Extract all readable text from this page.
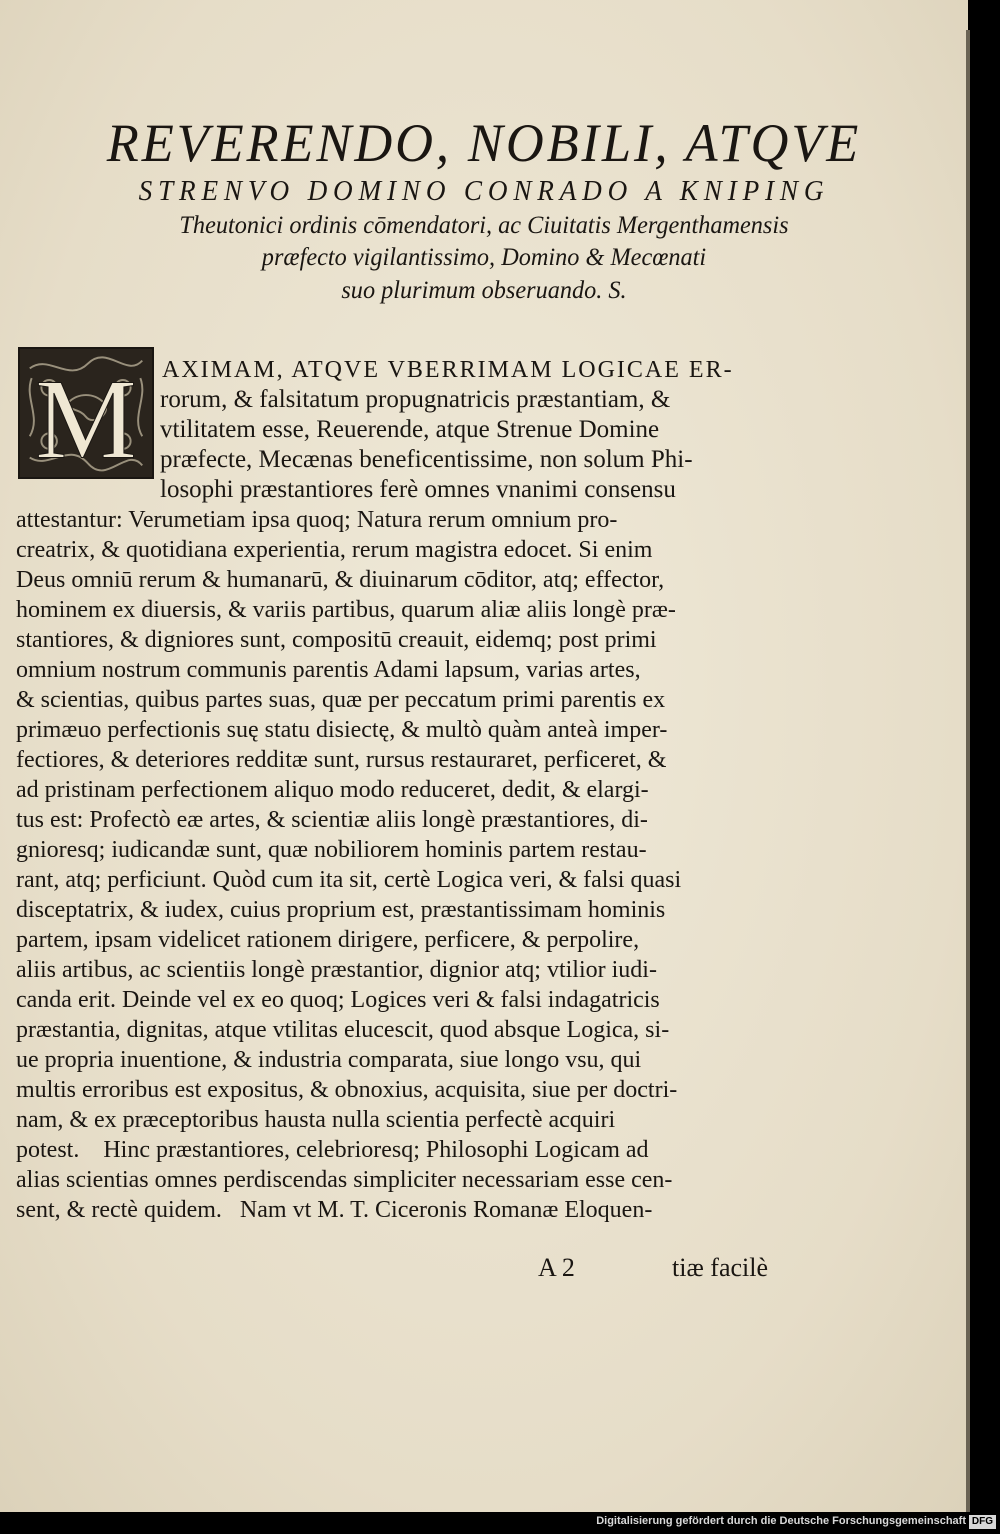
REVERENDO, NOBILI, ATQVE
STRENVO DOMINO CONRADO A KNIPING
Theutonici ordinis cōmendatori, ac Ciuitatis Mergenthamensis
præfecto vigilantissimo, Domino & Mecœnati
suo plurimum obseruando. S.
M AXIMAM, ATQVE VBERRIMAM LOGICAE ER-
rorum, & falsitatum propugnatricis præstantiam, &
vtilitatem esse, Reuerende, atque Strenue Domine
præfecte, Mecænas beneficentissime, non solum Phi-
losophi præstantiores ferè omnes vnanimi consensu
attestantur: Verumetiam ipsa quoq; Natura rerum omnium pro-
creatrix, & quotidiana experientia, rerum magistra edocet. Si enim
Deus omniū rerum & humanarū, & diuinarum cōditor, atq; effector,
hominem ex diuersis, & variis partibus, quarum aliæ aliis longè præ-
stantiores, & digniores sunt, compositū creauit, eidemq; post primi
omnium nostrum communis parentis Adami lapsum, varias artes,
& scientias, quibus partes suas, quæ per peccatum primi parentis ex
primæuo perfectionis suę statu disiectę, & multò quàm anteà imper-
fectiores, & deteriores redditæ sunt, rursus restauraret, perficeret, &
ad pristinam perfectionem aliquo modo reduceret, dedit, & elargi-
tus est: Profectò eæ artes, & scientiæ aliis longè præstantiores, di-
gnioresq; iudicandæ sunt, quæ nobiliorem hominis partem restau-
rant, atq; perficiunt. Quòd cum ita sit, certè Logica veri, & falsi quasi
disceptatrix, & iudex, cuius proprium est, præstantissimam hominis
partem, ipsam videlicet rationem dirigere, perficere, & perpolire,
aliis artibus, ac scientiis longè præstantior, dignior atq; vtilior iudi-
canda erit. Deinde vel ex eo quoq; Logices veri & falsi indagatricis
præstantia, dignitas, atque vtilitas elucescit, quod absque Logica, si-
ue propria inuentione, & industria comparata, siue longo vsu, qui
multis erroribus est expositus, & obnoxius, acquisita, siue per doctri-
nam, & ex præceptoribus hausta nulla scientia perfectè acquiri
potest.    Hinc præstantiores, celebrioresq; Philosophi Logicam ad
alias scientias omnes perdiscendas simpliciter necessariam esse cen-
sent, & rectè quidem.   Nam vt M. T. Ciceronis Romanæ Eloquen-
A 2	tiæ facilè
Digitalisierung gefördert durch die Deutsche Forschungsgemeinschaft DFG
